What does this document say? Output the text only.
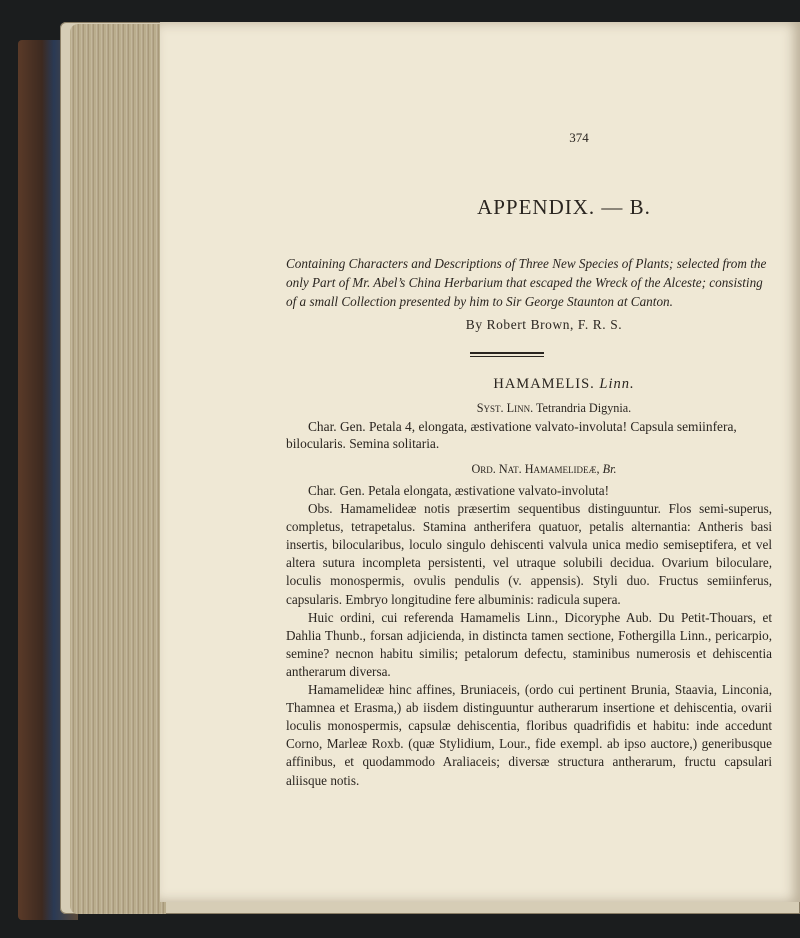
374
APPENDIX. — B.
Containing Characters and Descriptions of Three New Species of Plants; selected from the only Part of Mr. Abel’s China Herbarium that escaped the Wreck of the Alceste; consisting of a small Collection presented by him to Sir George Staunton at Canton.
By Robert Brown, F. R. S.
HAMAMELIS. Linn.
Syst. Linn. Tetrandria Digynia.
Char. Gen. Petala 4, elongata, æstivatione valvato-involuta! Capsula semiinfera, bilocularis. Semina solitaria.
Ord. Nat. Hamamelideæ, Br.

Char. Gen. Petala elongata, æstivatione valvato-involuta!

Obs. Hamamelideæ notis præsertim sequentibus distinguuntur. Flos semi-superus, completus, tetrapetalus. Stamina antherifera quatuor, petalis alternantia: Antheris basi insertis, bilocularibus, loculo singulo dehiscenti valvula unica medio semiseptifera, et vel altera sutura incompleta persistenti, vel utraque solubili decidua. Ovarium biloculare, loculis monospermis, ovulis pendulis (v. appensis). Styli duo. Fructus semiinferus, capsularis. Embryo longitudine fere albuminis: radicula supera.

Huic ordini, cui referenda Hamamelis Linn., Dicoryphe Aub. Du Petit-Thouars, et Dahlia Thunb., forsan adjicienda, in distincta tamen sectione, Fothergilla Linn., pericarpio, semine? necnon habitu similis; petalorum defectu, staminibus numerosis et dehiscentia antherarum diversa.

Hamamelideæ hinc affines, Bruniaceis, (ordo cui pertinent Brunia, Staavia, Linconia, Thamnea et Erasma,) ab iisdem distinguuntur autherarum insertione et dehiscentia, ovarii loculis monospermis, capsulæ dehiscentia, floribus quadrifidis et habitu: inde accedunt Corno, Marleæ Roxb. (quæ Stylidium, Lour., fide exempl. ab ipso auctore,) generibusque affinibus, et quodammodo Araliaceis; diversæ structura antherarum, fructu capsulari aliisque notis.
